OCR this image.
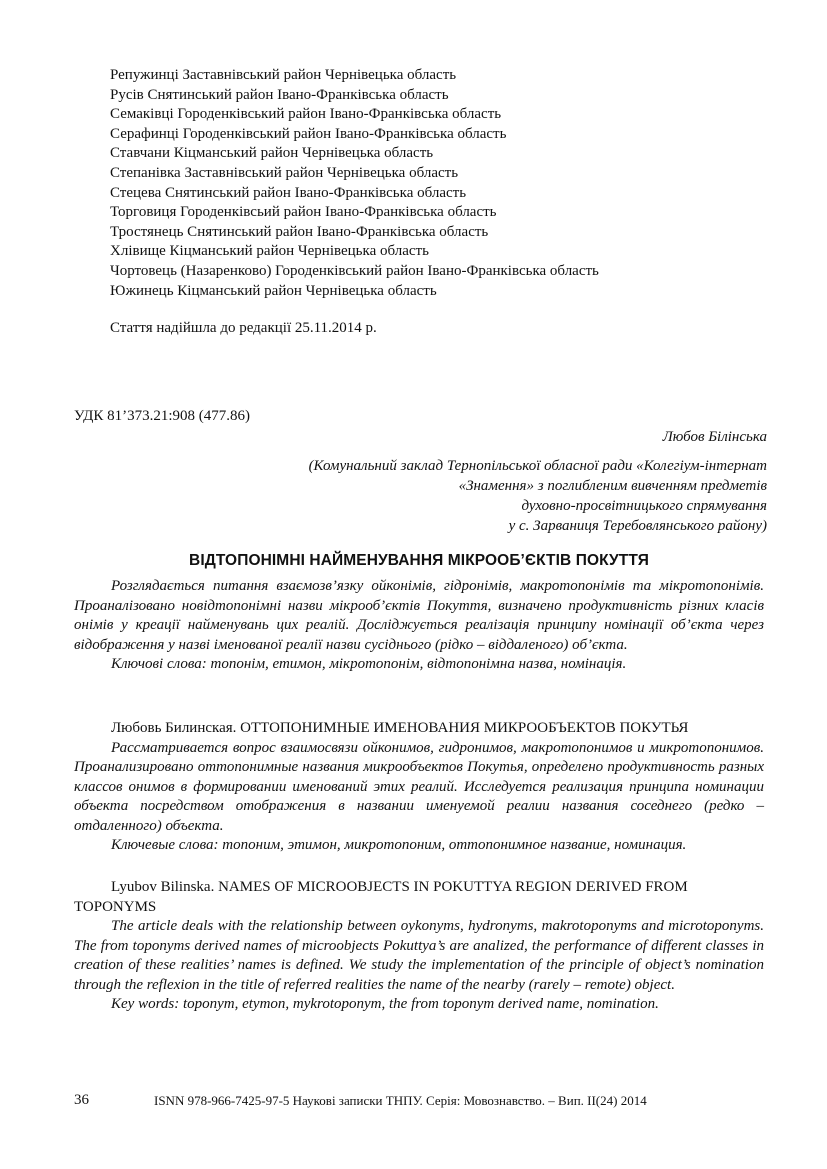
Репужинці Заставнівський район Чернівецька область
Русів Снятинський район Івано-Франківська область
Семаківці Городенківський район Івано-Франківська область
Серафинці Городенківський район Івано-Франківська область
Ставчани Кіцманський район Чернівецька область
Степанівка Заставнівський район Чернівецька область
Стецева Снятинський район Івано-Франківська область
Торговиця Городенківсьий район Івано-Франківська область
Тростянець Снятинський район Івано-Франківська область
Хлівище Кіцманський район Чернівецька область
Чортовець (Назаренково) Городенківський район Івано-Франківська область
Южинець Кіцманський район Чернівецька область
Стаття надійшла до редакції 25.11.2014 р.
УДК 81’373.21:908 (477.86)
Любов Білінська
(Комунальний заклад Тернопільської обласної ради «Колегіум-інтернат
«Знамення» з поглибленим вивченням предметів
духовно-просвітницького спрямування
у с. Зарваниця Теребовлянського району)
ВІДТОПОНІМНІ НАЙМЕНУВАННЯ МІКРООБ’ЄКТІВ ПОКУТТЯ

Розглядається питання взаємозв’язку ойконімів, гідронімів, макротопонімів та мікротопонімів. Проаналізовано новідтопонімні назви мікрооб’єктів Покуття, визначено продуктивність різних класів онімів у креації найменувань цих реалій. Досліджується реалізація принципу номінації об’єкта через відображення у назві іменованої реалії назви сусіднього (рідко – віддаленого) об’єкта.

Ключові слова: топонім, етимон, мікротопонім, відтопонімна назва, номінація.

Любовь Билинская. ОТТОПОНИМНЫЕ ИМЕНОВАНИЯ МИКРООБЪЕКТОВ ПОКУТЬЯ

Рассматривается вопрос взаимосвязи ойконимов, гидронимов, макротопонимов и микротопонимов. Проанализировано оттопонимные названия микрообъектов Покутья, определено продуктивность разных классов онимов в формировании именований этих реалий. Исследуется реализация принципа номинации объекта посредством отображения в названии именуемой реалии названия соседнего (редко – отдаленного) объекта.

Ключевые слова: топоним, этимон, микротопоним, оттопонимное название, номинация.

Lyubov Bilinska. NAMES OF MICROOBJECTS IN POKUTTYA REGION DERIVED FROM TOPONYMS

The article deals with the relationship between oykonyms, hydronyms, makrotoponyms and microtoponyms. The from toponyms derived names of microobjects Pokuttya’s are analized, the performance of different classes in creation of these realities’ names is defined. We study the implementation of the principle of object’s nomination through the reflexion in the title of referred realities the name of the nearby (rarely – remote) object.

Key words: toponym, etymon, mykrotoponym, the from toponym derived name, nomination.

36	ISNN 978-966-7425-97-5 Наукові записки ТНПУ. Серія: Мовознавство. – Вип. ІІ(24) 2014
